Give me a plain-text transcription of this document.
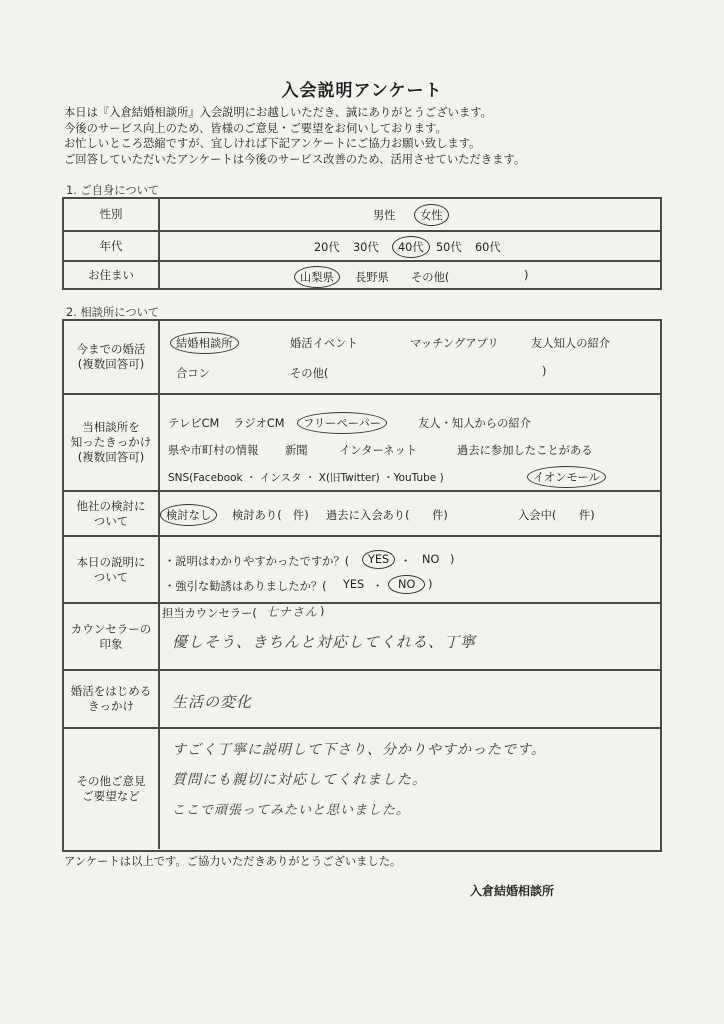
入会説明アンケート
本日は『入倉結婚相談所』入会説明にお越しいただき、誠にありがとうございます。
今後のサービス向上のため、皆様のご意見・ご要望をお伺いしております。
お忙しいところ恐縮ですが、宜しければ下記アンケートにご協力お願い致します。
ご回答していただいたアンケートは今後のサービス改善のため、活用させていただきます。
1. ご自身について
性別	男性	女性
年代	20代 30代	40代	50代 60代
お住まい	山梨県	長野県 その他(	)
2. 相談所について
今までの婚活
(複数回答可)
結婚相談所	婚活イベント	マッチングアプリ	友人知人の紹介
合コン	その他(	)
当相談所を
知ったきっかけ
(複数回答可)
テレビCM ラジオCM	フリーペーパー	友人・知人からの紹介
県や市町村の情報 新聞	インターネット	過去に参加したことがある
SNS(Facebook ・ インスタ ・ X(旧Twitter) ・YouTube )	イオンモール
他社の検討に
ついて	検討なし	検討あり(　件) 過去に入会あり(　　件)	入会中(　　件)
本日の説明に
ついて
・説明はわかりやすかったですか？(	YES ・ NO )
・強引な勧誘はありましたか？( YES ・	NO	)
カウンセラーの
印象
担当カウンセラー( 七ナさん )
優しそう、きちんと対応してくれる、丁寧
婚活をはじめる
きっかけ	生活の変化
その他ご意見
ご要望など
すごく丁寧に説明して下さり、分かりやすかったです。
質問にも親切に対応してくれました。
ここで頑張ってみたいと思いました。
アンケートは以上です。ご協力いただきありがとうございました。
入倉結婚相談所
